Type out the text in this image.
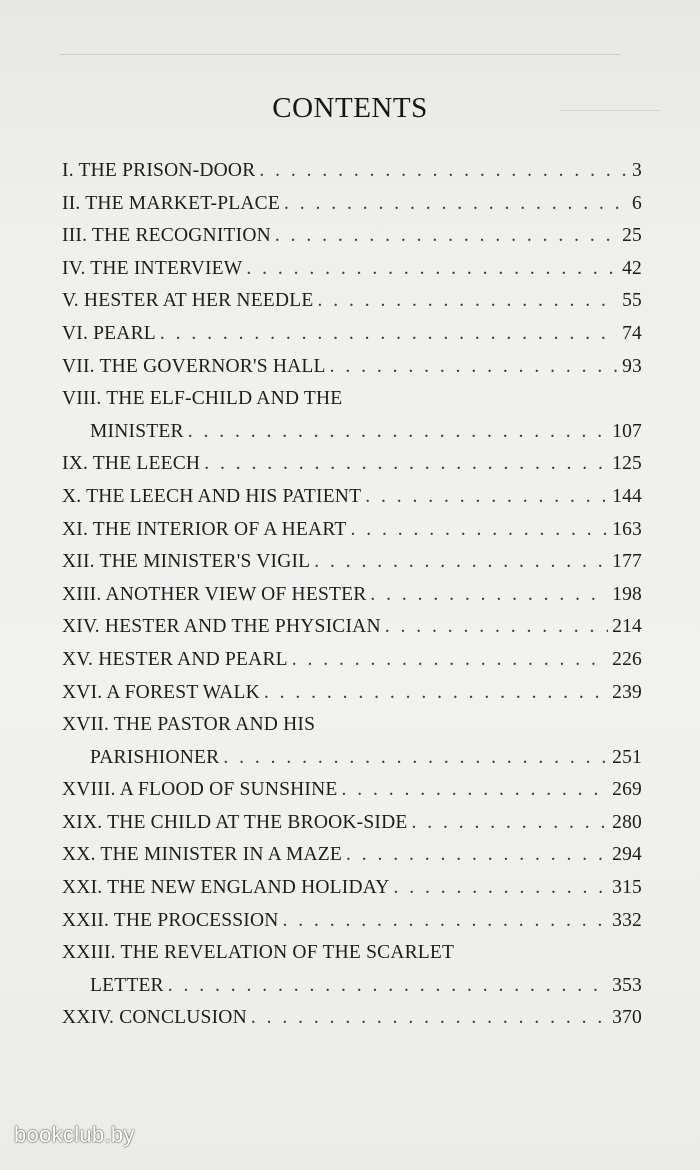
CONTENTS
I. THE PRISON-DOOR . . .	3
II. THE MARKET-PLACE . . .	6
III. THE RECOGNITION . . .	25
IV. THE INTERVIEW . . .	42
V. HESTER AT HER NEEDLE . . .	55
VI. PEARL . . .	74
VII. THE GOVERNOR'S HALL . . .	93
VIII. THE ELF-CHILD AND THE
MINISTER . . .	107
IX. THE LEECH . . .	125
X. THE LEECH AND HIS PATIENT . . .	144
XI. THE INTERIOR OF A HEART . . .	163
XII. THE MINISTER'S VIGIL . . .	177
XIII. ANOTHER VIEW OF HESTER . . .	198
XIV. HESTER AND THE PHYSICIAN . . .	214
XV. HESTER AND PEARL . . .	226
XVI. A FOREST WALK . . .	239
XVII. THE PASTOR AND HIS
PARISHIONER . . .	251
XVIII. A FLOOD OF SUNSHINE . . .	269
XIX. THE CHILD AT THE BROOK-SIDE . . .	280
XX. THE MINISTER IN A MAZE . . .	294
XXI. THE NEW ENGLAND HOLIDAY . . .	315
XXII. THE PROCESSION . . .	332
XXIII. THE REVELATION OF THE SCARLET
LETTER . . .	353
XXIV. CONCLUSION . . .	370
bookclub.by
